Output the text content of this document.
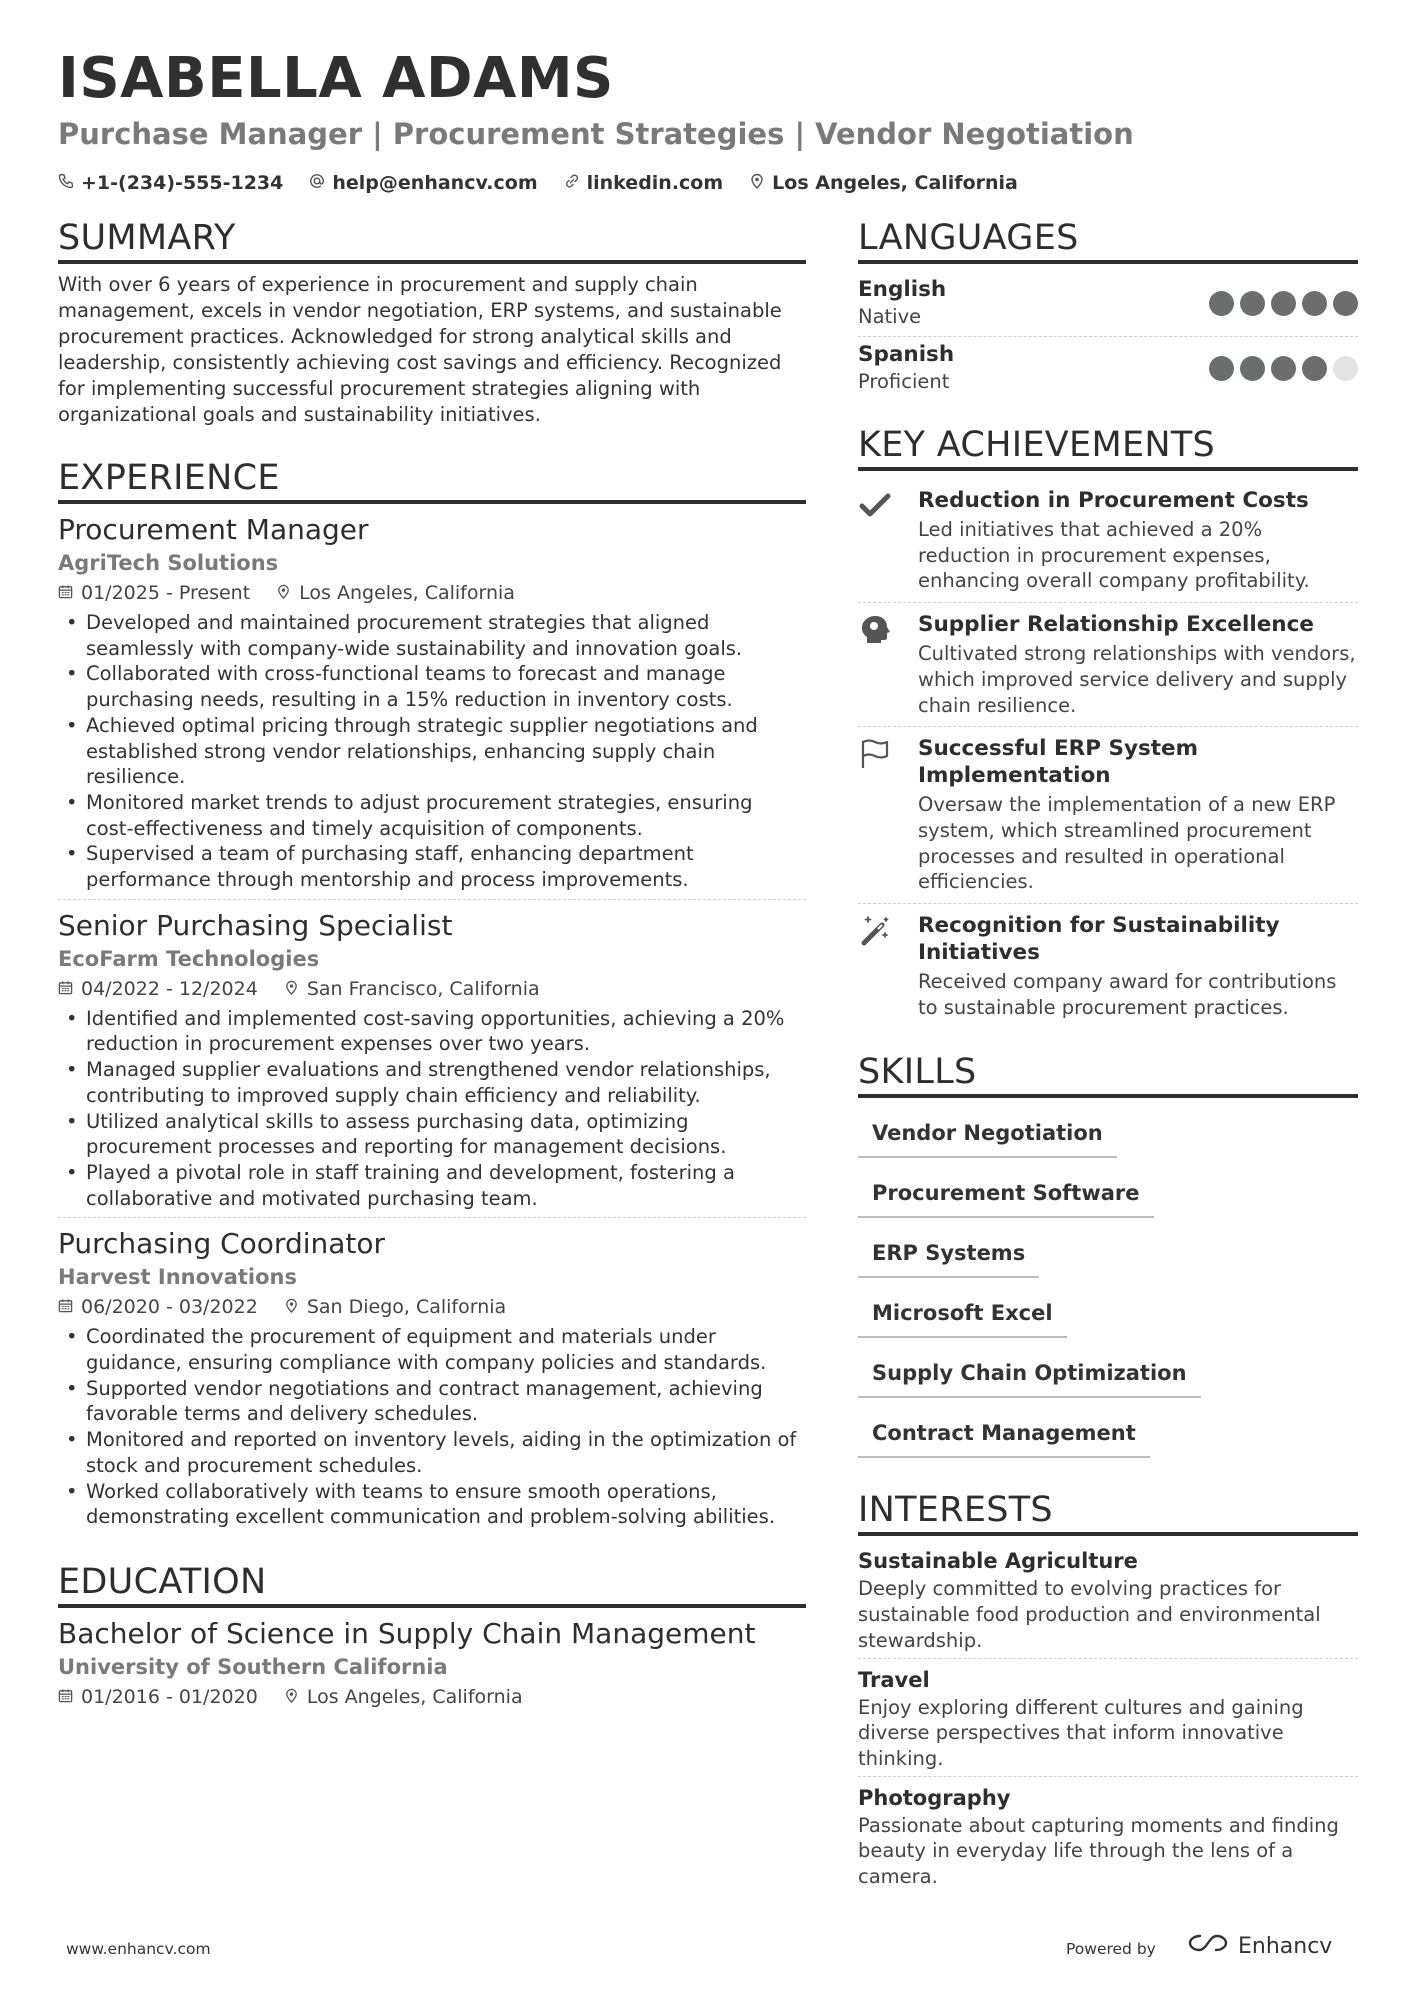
ISABELLA ADAMS
Purchase Manager | Procurement Strategies | Vendor Negotiation
+1-(234)-555-1234	help@enhancv.com	linkedin.com	Los Angeles, California
SUMMARY
With over 6 years of experience in procurement and supply chain management, excels in vendor negotiation, ERP systems, and sustainable procurement practices. Acknowledged for strong analytical skills and leadership, consistently achieving cost savings and efficiency. Recognized for implementing successful procurement strategies aligning with organizational goals and sustainability initiatives.
EXPERIENCE
Procurement Manager
AgriTech Solutions
01/2025 - Present	Los Angeles, California
• Developed and maintained procurement strategies that aligned seamlessly with company-wide sustainability and innovation goals.
• Collaborated with cross-functional teams to forecast and manage purchasing needs, resulting in a 15% reduction in inventory costs.
• Achieved optimal pricing through strategic supplier negotiations and established strong vendor relationships, enhancing supply chain resilience.
• Monitored market trends to adjust procurement strategies, ensuring cost-effectiveness and timely acquisition of components.
• Supervised a team of purchasing staff, enhancing department performance through mentorship and process improvements.
Senior Purchasing Specialist
EcoFarm Technologies
04/2022 - 12/2024	San Francisco, California
• Identified and implemented cost-saving opportunities, achieving a 20% reduction in procurement expenses over two years.
• Managed supplier evaluations and strengthened vendor relationships, contributing to improved supply chain efficiency and reliability.
• Utilized analytical skills to assess purchasing data, optimizing procurement processes and reporting for management decisions.
• Played a pivotal role in staff training and development, fostering a collaborative and motivated purchasing team.
Purchasing Coordinator
Harvest Innovations
06/2020 - 03/2022	San Diego, California
• Coordinated the procurement of equipment and materials under guidance, ensuring compliance with company policies and standards.
• Supported vendor negotiations and contract management, achieving favorable terms and delivery schedules.
• Monitored and reported on inventory levels, aiding in the optimization of stock and procurement schedules.
• Worked collaboratively with teams to ensure smooth operations, demonstrating excellent communication and problem-solving abilities.
EDUCATION
Bachelor of Science in Supply Chain Management
University of Southern California
01/2016 - 01/2020	Los Angeles, California
LANGUAGES
English
Native
Spanish
Proficient
KEY ACHIEVEMENTS
Reduction in Procurement Costs
Led initiatives that achieved a 20% reduction in procurement expenses, enhancing overall company profitability.
Supplier Relationship Excellence
Cultivated strong relationships with vendors, which improved service delivery and supply chain resilience.
Successful ERP System Implementation
Oversaw the implementation of a new ERP system, which streamlined procurement processes and resulted in operational efficiencies.
Recognition for Sustainability Initiatives
Received company award for contributions to sustainable procurement practices.
SKILLS
Vendor Negotiation
Procurement Software
ERP Systems
Microsoft Excel
Supply Chain Optimization
Contract Management
INTERESTS
Sustainable Agriculture
Deeply committed to evolving practices for sustainable food production and environmental stewardship.
Travel
Enjoy exploring different cultures and gaining diverse perspectives that inform innovative thinking.
Photography
Passionate about capturing moments and finding beauty in everyday life through the lens of a camera.
www.enhancv.com	Powered by	Enhancv
